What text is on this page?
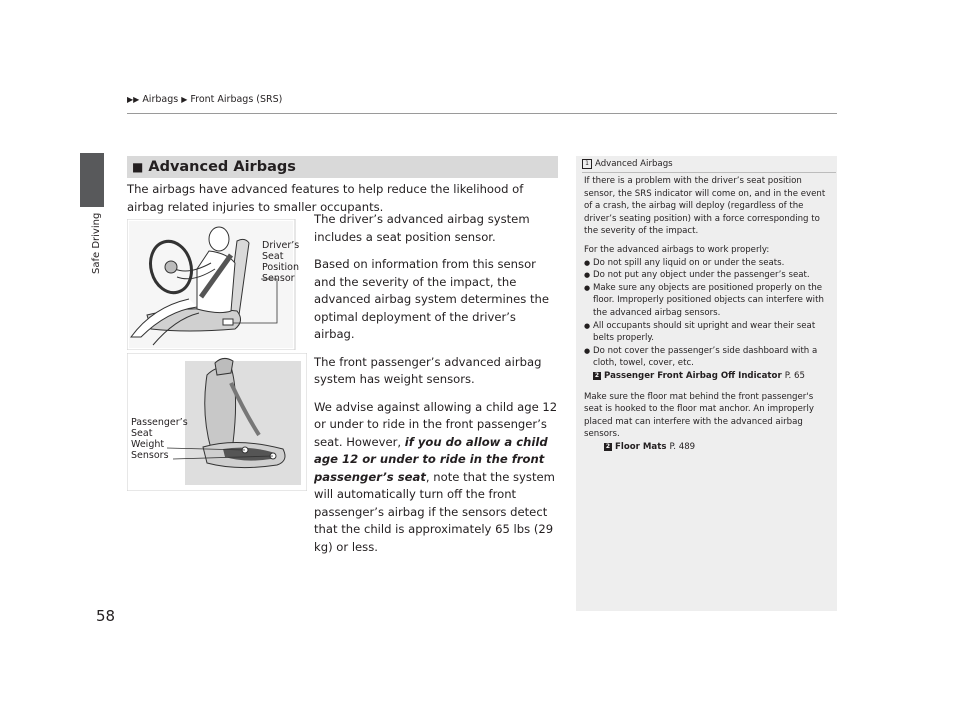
▶▶ Airbags ▶ Front Airbags (SRS)
Safe Driving
■ Advanced Airbags
The airbags have advanced features to help reduce the likelihood of airbag related injuries to smaller occupants.
Driver’s
Seat
Position
Sensor
Passenger’s
Seat
Weight
Sensors

The driver’s advanced airbag system includes a seat position sensor.

Based on information from this sensor and the severity of the impact, the advanced airbag system determines the optimal deployment of the driver’s airbag.

The front passenger’s advanced airbag system has weight sensors.

We advise against allowing a child age 12 or under to ride in the front passenger’s seat. However, if you do allow a child age 12 or under to ride in the front passenger’s seat, note that the system will automatically turn off the front passenger’s airbag if the sensors detect that the child is approximately 65 lbs (29 kg) or less.

1 Advanced Airbags

If there is a problem with the driver’s seat position sensor, the SRS indicator will come on, and in the event of a crash, the airbag will deploy (regardless of the driver’s seating position) with a force corresponding to the severity of the impact.

For the advanced airbags to work properly:
● Do not spill any liquid on or under the seats.
● Do not put any object under the passenger’s seat.
● Make sure any objects are positioned properly on the floor. Improperly positioned objects can interfere with the advanced airbag sensors.
● All occupants should sit upright and wear their seat belts properly.
● Do not cover the passenger’s side dashboard with a cloth, towel, cover, etc.
2 Passenger Front Airbag Off Indicator P. 65
Make sure the floor mat behind the front passenger's seat is hooked to the floor mat anchor. An improperly placed mat can interfere with the advanced airbag sensors.
2 Floor Mats P. 489
58
